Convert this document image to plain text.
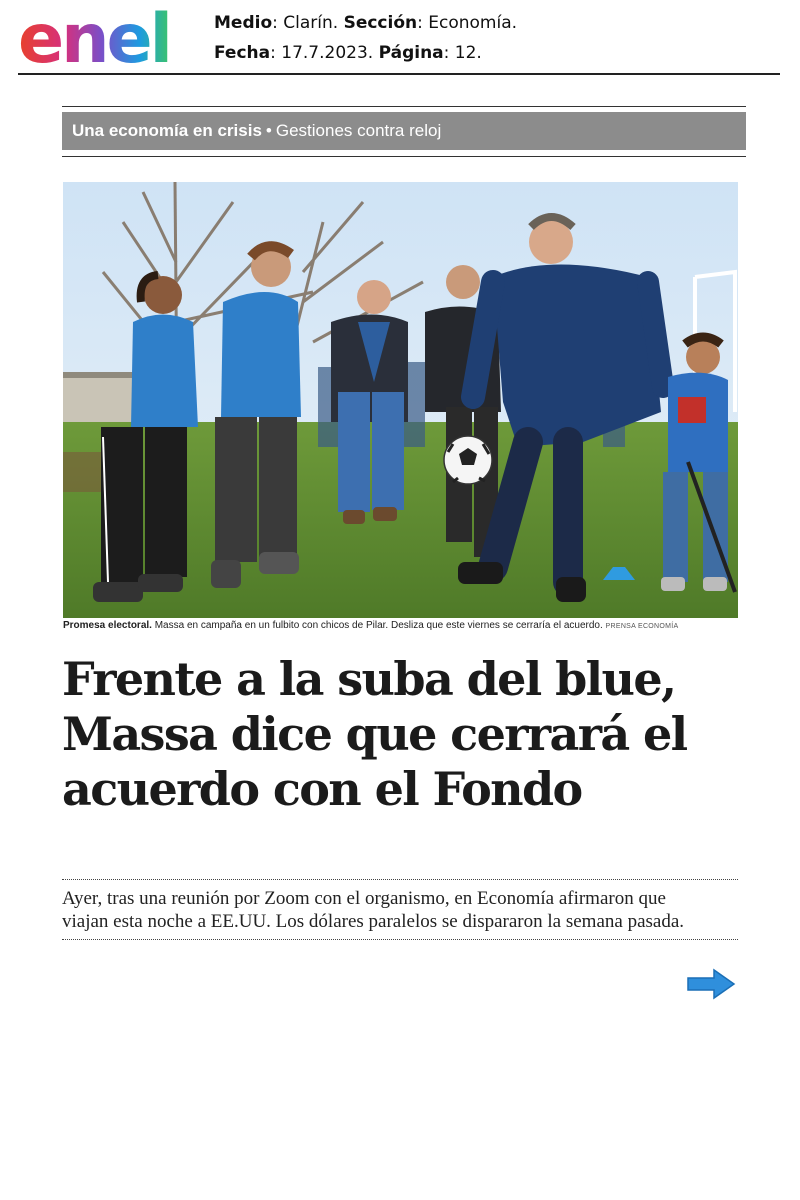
enel	Medio: Clarín. Sección: Economía.
Fecha: 17.7.2023. Página: 12.
Una economía en crisis • Gestiones contra reloj
Promesa electoral. Massa en campaña en un fulbito con chicos de Pilar. Desliza que este viernes se cerraría el acuerdo. PRENSA ECONOMÍA
Frente a la suba del blue,
Massa dice que cerrará el
acuerdo con el Fondo

Ayer, tras una reunión por Zoom con el organismo, en Economía afirmaron que
viajan esta noche a EE.UU. Los dólares paralelos se dispararon la semana pasada.
